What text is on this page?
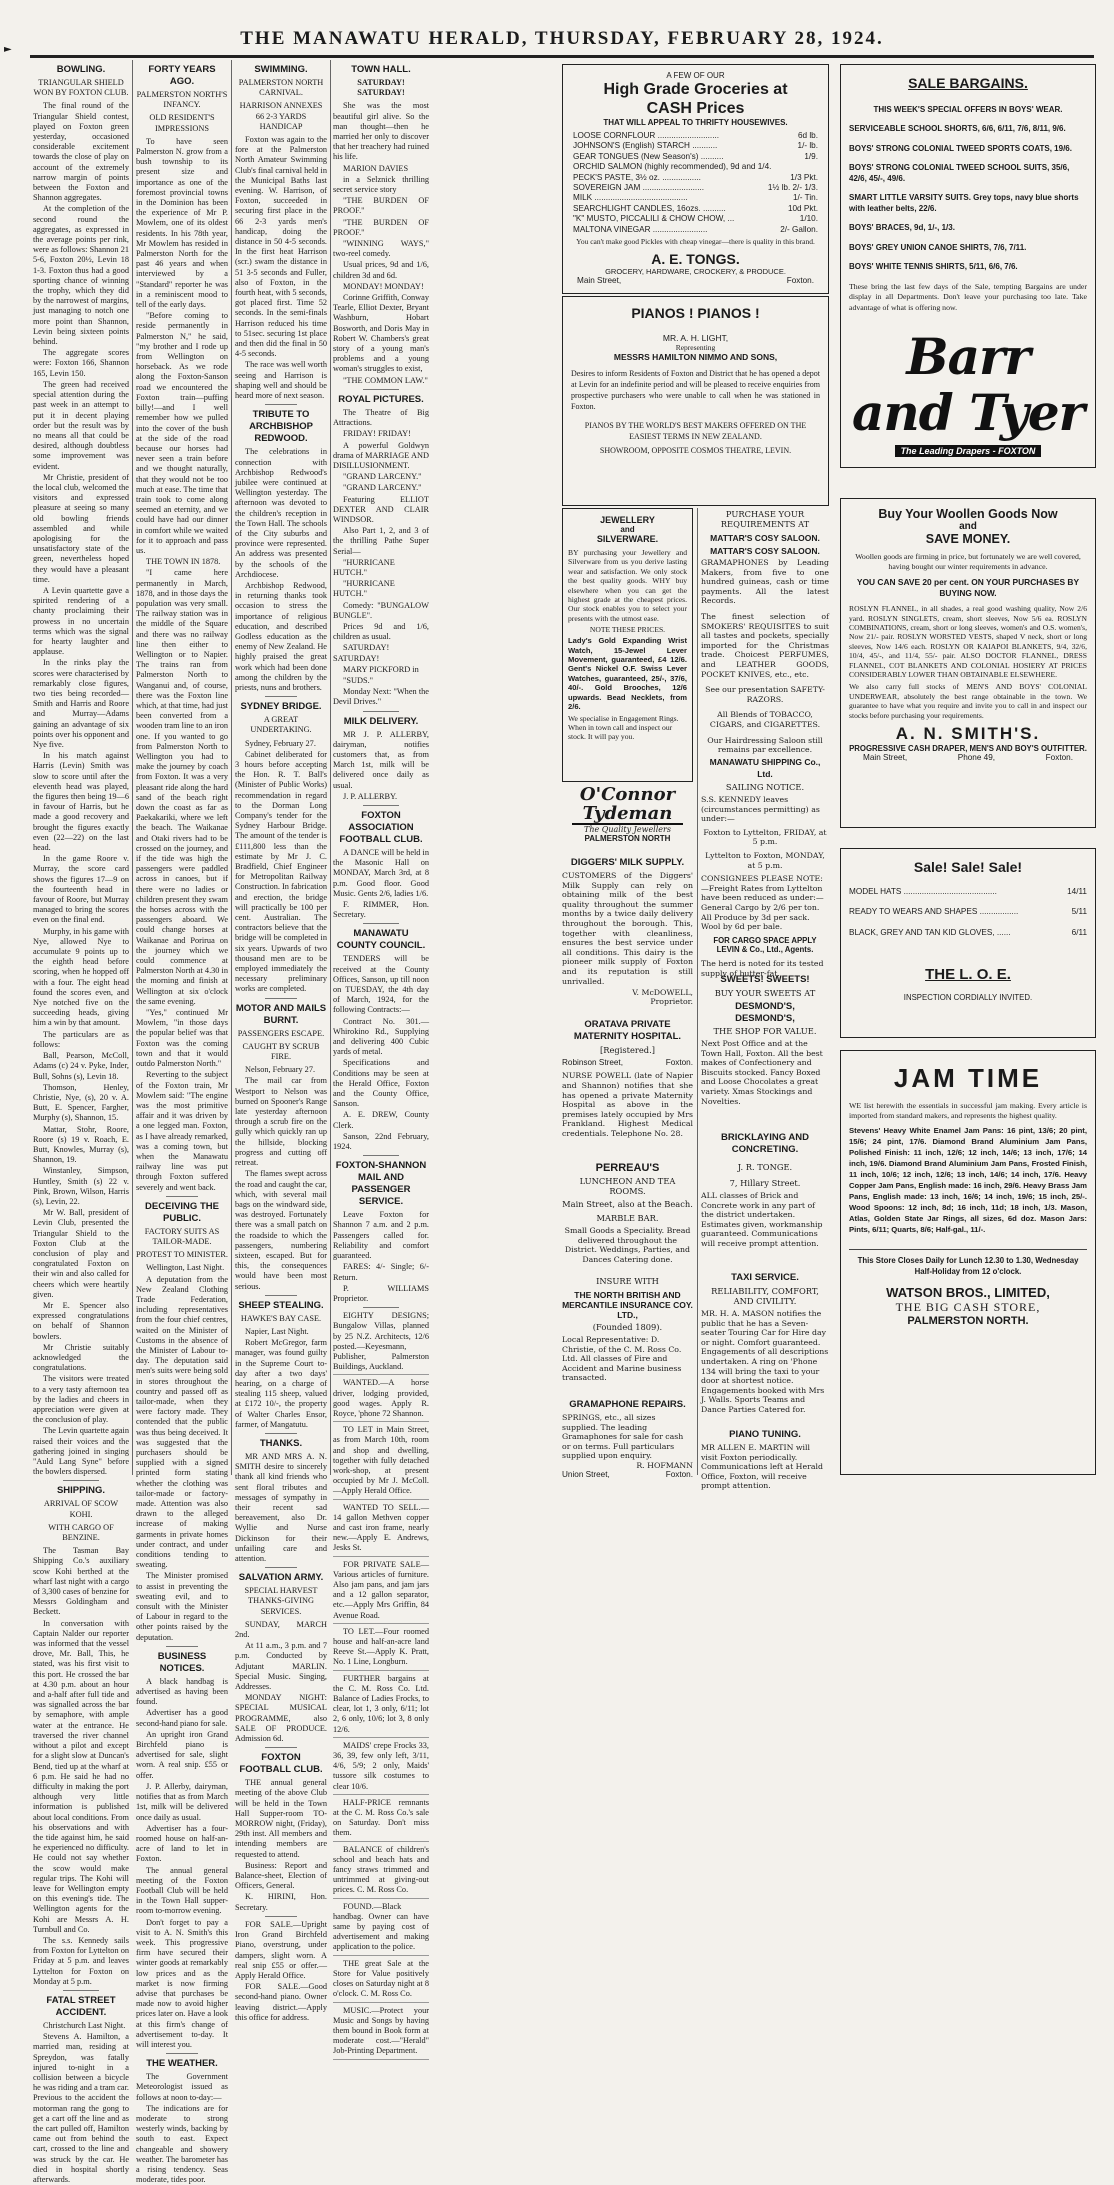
►
THE MANAWATU HERALD, THURSDAY, FEBRUARY 28, 1924.
BOWLING.
TRIANGULAR SHIELD WON BY FOXTON CLUB.
The final round of the Triangular Shield contest, played on Foxton green yesterday, occasioned considerable excitement towards the close of play on account of the extremely narrow margin of points between the Foxton and Shannon aggregates.
At the completion of the second round the aggregates, as expressed in the average points per rink, were as follows: Shannon 21 5-6, Foxton 20½, Levin 18 1-3. Foxton thus had a good sporting chance of winning the trophy, which they did by the narrowest of margins, just managing to notch one more point than Shannon, Levin being sixteen points behind.
The aggregate scores were: Foxton 166, Shannon 165, Levin 150.
The green had received special attention during the past week in an attempt to put it in decent playing order but the result was by no means all that could be desired, although doubtless some improvement was evident.
Mr Christie, president of the local club, welcomed the visitors and expressed pleasure at seeing so many old bowling friends assembled and while apologising for the unsatisfactory state of the green, nevertheless hoped they would have a pleasant time.
A Levin quartette gave a spirited rendering of a chanty proclaiming their prowess in no uncertain terms which was the signal for hearty laughter and applause.
In the rinks play the scores were characterised by remarkably close figures, two ties being recorded—Smith and Harris and Roore and Murray—Adams gaining an advantage of six points over his opponent and Nye five.
In his match against Harris (Levin) Smith was slow to score until after the eleventh head was played, the figures then being 19—6 in favour of Harris, but he made a good recovery and brought the figures exactly even (22—22) on the last head.
In the game Roore v. Murray, the score card shows the figures 17—9 on the fourteenth head in favour of Roore, but Murray managed to bring the scores even on the final end.
Murphy, in his game with Nye, allowed Nye to accumulate 9 points up to the eighth head before scoring, when he hopped off with a four. The eight head found the scores even, and Nye notched five on the succeeding heads, giving him a win by that amount.
The particulars are as follows:
Ball, Pearson, McColl, Adams (c) 24 v. Pyke, Inder, Bull, Sohns (s), Levin 18.
Thomson, Henley, Christie, Nye, (s), 20 v. A. Butt, E. Spencer, Fargher, Murphy (s), Shannon, 15.
Mattar, Stohr, Roore, Roore (s) 19 v. Roach, E. Butt, Knowles, Murray (s), Shannon, 19.
Winstanley, Simpson, Huntley, Smith (s) 22 v. Pink, Brown, Wilson, Harris (s), Levin, 22.
Mr W. Ball, president of Levin Club, presented the Triangular Shield to the Foxton Club at the conclusion of play and congratulated Foxton on their win and also called for cheers which were heartily given.
Mr E. Spencer also expressed congratulations on behalf of Shannon bowlers.
Mr Christie suitably acknowledged the congratulations.
The visitors were treated to a very tasty afternoon tea by the ladies and cheers in appreciation were given at the conclusion of play.
The Levin quartette again raised their voices and the gathering joined in singing "Auld Lang Syne" before the bowlers dispersed.
SHIPPING.
ARRIVAL OF SCOW KOHI.
WITH CARGO OF BENZINE.
The Tasman Bay Shipping Co.'s auxiliary scow Kohi berthed at the wharf last night with a cargo of 3,300 cases of benzine for Messrs Goldingham and Beckett.
In conversation with Captain Nalder our reporter was informed that the vessel drove, Mr. Ball, This, he stated, was his first visit to this port. He crossed the bar at 4.30 p.m. about an hour and a-half after full tide and was signalled across the bar by semaphore, with ample water at the entrance. He traversed the river channel without a pilot and except for a slight slow at Duncan's Bend, tied up at the wharf at 6 p.m. He said he had no difficulty in making the port although very little information is published about local conditions. From his observations and with the tide against him, he said he experienced no difficulty. He could not say whether the scow would make regular trips. The Kohi will leave for Wellington empty on this evening's tide. The Wellington agents for the Kohi are Messrs A. H. Turnbull and Co.
The s.s. Kennedy sails from Foxton for Lyttelton on Friday at 5 p.m. and leaves Lyttelton for Foxton on Monday at 5 p.m.
FATAL STREET ACCIDENT.
Christchurch Last Night.
Stevens A. Hamilton, a married man, residing at Spreydon, was fatally injured to-night in a collision between a bicycle he was riding and a tram car. Previous to the accident the motorman rang the gong to get a cart off the line and as the cart pulled off, Hamilton came out from behind the cart, crossed to the line and was struck by the car. He died in hospital shortly afterwards.
FORTY YEARS AGO.
PALMERSTON NORTH'S INFANCY.
OLD RESIDENT'S IMPRESSIONS
To have seen Palmerston N. grow from a bush township to its present size and importance as one of the foremost provincial towns in the Dominion has been the experience of Mr P. Mowlem, one of its oldest residents. In his 78th year, Mr Mowlem has resided in Palmerston North for the past 46 years and when interviewed by a "Standard" reporter he was in a reminiscent mood to tell of the early days.
"Before coming to reside permanently in Palmerston N," he said, "my brother and I rode up from Wellington on horseback. As we rode along the Foxton-Sanson road we encountered the Foxton train—puffing billy!—and I well remember how we pulled into the cover of the bush at the side of the road because our horses had never seen a train before and we thought naturally, that they would not be too much at ease. The time that train took to come along seemed an eternity, and we could have had our dinner in comfort while we waited for it to approach and pass us.
THE TOWN IN 1878.
"I came here permanently in March, 1878, and in those days the population was very small. The railway station was in the middle of the Square and there was no railway line then either to Wellington or to Napier. The trains ran from Palmerston North to Wanganui and, of course, there was the Foxton line which, at that time, had just been converted from a wooden tram line to an iron one. If you wanted to go from Palmerston North to Wellington you had to make the journey by coach from Foxton. It was a very pleasant ride along the hard sand of the beach right down the coast as far as Paekakariki, where we left the beach. The Waikanae and Otaki rivers had to be crossed on the journey, and if the tide was high the passengers were paddled across in canoes, but if there were no ladies or children present they swam the horses across with the passengers aboard. We could change horses at Waikanae and Porirua on the journey which we could commence at Palmerston North at 4.30 in the morning and finish at Wellington at six o'clock the same evening.
"Yes," continued Mr Mowlem, "in those days the popular belief was that Foxton was the coming town and that it would outdo Palmerston North."
Reverting to the subject of the Foxton train, Mr Mowlem said: "The engine was the most primitive affair and it was driven by a one legged man. Foxton, as I have already remarked, was a coming town, but when the Manawatu railway line was put through Foxton suffered severely and went back.
DECEIVING THE PUBLIC.
FACTORY SUITS AS TAILOR-MADE.
PROTEST TO MINISTER.
Wellington, Last Night.
A deputation from the New Zealand Clothing Trade Federation, including representatives from the four chief centres, waited on the Minister of Customs in the absence of the Minister of Labour to-day. The deputation said men's suits were being sold in stores throughout the country and passed off as tailor-made, when they were factory made. They contended that the public was thus being deceived. It was suggested that the purchasers should be supplied with a signed printed form stating whether the clothing was tailor-made or factory-made. Attention was also drawn to the alleged increase of making garments in private homes under contract, and under conditions tending to sweating.
The Minister promised to assist in preventing the sweating evil, and to consult with the Minister of Labour in regard to the other points raised by the deputation.
BUSINESS NOTICES.
A black handbag is advertised as having been found.
Advertiser has a good second-hand piano for sale.
An upright iron Grand Birchfeld piano is advertised for sale, slight worn. A real snip. £55 or offer.
J. P. Allerby, dairyman, notifies that as from March 1st, milk will be delivered once daily as usual.
Advertiser has a four-roomed house on half-an-acre of land to let in Foxton.
The annual general meeting of the Foxton Football Club will be held in the Town Hall supper-room to-morrow evening.
Don't forget to pay a visit to A. N. Smith's this week. This progressive firm have secured their winter goods at remarkably low prices and as the market is now firming advise that purchases be made now to avoid higher prices later on. Have a look at this firm's change of advertisement to-day. It will interest you.
THE WEATHER.
The Government Meteorologist issued as follows at noon to-day:—
The indications are for moderate to strong westerly winds, backing by south to east. Expect changeable and showery weather. The barometer has a rising tendency. Seas moderate, tides poor.
SWIMMING.
PALMERSTON NORTH CARNIVAL.
HARRISON ANNEXES 66 2-3 YARDS HANDICAP
Foxton was again to the fore at the Palmerston North Amateur Swimming Club's final carnival held in the Municipal Baths last evening. W. Harrison, of Foxton, succeeded in securing first place in the 66 2-3 yards men's handicap, doing the distance in 50 4-5 seconds. In the first heat Harrison (scr.) swam the distance in 51 3-5 seconds and Fuller, also of Foxton, in the fourth heat, with 5 seconds, got placed first. Time 52 seconds. In the semi-finals Harrison reduced his time to 51sec. securing 1st place and then did the final in 50 4-5 seconds.
The race was well worth seeing and Harrison is shaping well and should be heard more of next season.
TRIBUTE TO ARCHBISHOP REDWOOD.
The celebrations in connection with Archbishop Redwood's jubilee were continued at Wellington yesterday. The afternoon was devoted to the children's reception in the Town Hall. The schools of the City suburbs and province were represented. An address was presented by the schools of the Archdiocese.
Archbishop Redwood, in returning thanks took occasion to stress the importance of religious education, and described Godless education as the enemy of New Zealand. He highly praised the great work which had been done among the children by the priests, nuns and brothers.
SYDNEY BRIDGE.
A GREAT UNDERTAKING.
Sydney, February 27.
Cabinet deliberated for 3 hours before accepting the Hon. R. T. Ball's (Minister of Public Works) recommendation in regard to the Dorman Long Company's tender for the Sydney Harbour Bridge. The amount of the tender is £111,800 less than the estimate by Mr J. C. Bradfield, Chief Engineer for Metropolitan Railway Construction. In fabrication and erection, the bridge will practically be 100 per cent. Australian. The contractors believe that the bridge will be completed in six years. Upwards of two thousand men are to be employed immediately the necessary preliminary works are completed.
MOTOR AND MAILS BURNT.
PASSENGERS ESCAPE.
CAUGHT BY SCRUB FIRE.
Nelson, February 27.
The mail car from Westport to Nelson was burned on Spooner's Range late yesterday afternoon through a scrub fire on the gully which quickly ran up the hillside, blocking progress and cutting off retreat.
The flames swept across the road and caught the car, which, with several mail bags on the windward side, was destroyed. Fortunately there was a small patch on the roadside to which the passengers, numbering sixteen, escaped. But for this, the consequences would have been most serious.
SHEEP STEALING.
HAWKE'S BAY CASE.
Napier, Last Night.
Robert McGregor, farm manager, was found guilty in the Supreme Court to-day after a two days' hearing, on a charge of stealing 115 sheep, valued at £172 10/-, the property of Walter Charles Ensor, farmer, of Mangatutu.
THANKS.
MR AND MRS A. N. SMITH desire to sincerely thank all kind friends who sent floral tributes and messages of sympathy in their recent sad bereavement, also Dr. Wyllie and Nurse Dickinson for their unfailing care and attention.
SALVATION ARMY.
SPECIAL HARVEST THANKS-GIVING SERVICES.
SUNDAY, MARCH 2nd.
At 11 a.m., 3 p.m. and 7 p.m. Conducted by Adjutant MARLIN. Special Music. Singing, Addresses.
MONDAY NIGHT: SPECIAL MUSICAL PROGRAMME, also SALE OF PRODUCE. Admission 6d.
FOXTON FOOTBALL CLUB.
THE annual general meeting of the above Club will be held in the Town Hall Supper-room TO-MORROW night, (Friday), 29th inst. All members and intending members are requested to attend.
Business: Report and Balance-sheet, Election of Officers, General.
K. HIRINI, Hon. Secretary.
FOR SALE.—Upright Iron Grand Birchfeld Piano, overstrung, under dampers, slight worn. A real snip £55 or offer.—Apply Herald Office.
FOR SALE.—Good second-hand piano. Owner leaving district.—Apply this office for address.
TOWN HALL.
SATURDAY! SATURDAY!
She was the most beautiful girl alive. So the man thought—then he married her only to discover that her treachery had ruined his life.
MARION DAVIES
in a Selznick thrilling secret service story
"THE BURDEN OF PROOF."
"THE BURDEN OF PROOF."
"WINNING WAYS," two-reel comedy.
Usual prices, 9d and 1/6, children 3d and 6d.
MONDAY! MONDAY!
Corinne Griffith, Conway Tearle, Elliot Dexter, Bryant Washburn, Hobart Bosworth, and Doris May in Robert W. Chambers's great story of a young man's problems and a young woman's struggles to exist,
"THE COMMON LAW."
ROYAL PICTURES.
The Theatre of Big Attractions.
FRIDAY! FRIDAY!
A powerful Goldwyn drama of MARRIAGE AND DISILLUSIONMENT.
"GRAND LARCENY."
"GRAND LARCENY."
Featuring ELLIOT DEXTER AND CLAIR WINDSOR.
Also Part 1, 2, and 3 of the thrilling Pathe Super Serial—
"HURRICANE HUTCH."
"HURRICANE HUTCH."
Comedy: "BUNGALOW BUNGLE".
Prices 9d and 1/6, children as usual.
SATURDAY! SATURDAY!
MARY PICKFORD in
"SUDS."
Monday Next: "When the Devil Drives."
MILK DELIVERY.
MR J. P. ALLERBY, dairyman, notifies customers that, as from March 1st, milk will be delivered once daily as usual.
J. P. ALLERBY.
FOXTON ASSOCIATION FOOTBALL CLUB.
A DANCE will be held in the Masonic Hall on MONDAY, March 3rd, at 8 p.m. Good floor. Good Music. Gents 2/6, ladies 1/6.
F. RIMMER, Hon. Secretary.
MANAWATU COUNTY COUNCIL.
TENDERS will be received at the County Offices, Sanson, up till noon on TUESDAY, the 4th day of March, 1924, for the following Contracts:—
Contract No. 301.—Whirokino Rd., Supplying and delivering 400 Cubic yards of metal.
Specifications and Conditions may be seen at the Herald Office, Foxton and the County Office, Sanson.
A. E. DREW, County Clerk.
Sanson, 22nd February, 1924.
FOXTON-SHANNON MAIL AND PASSENGER SERVICE.
Leave Foxton for Shannon 7 a.m. and 2 p.m. Passengers called for. Reliability and comfort guaranteed.
FARES: 4/- Single; 6/- Return.
P. WILLIAMS Proprietor.
EIGHTY DESIGNS; Bungalow Villas, planned by 25 N.Z. Architects, 12/6 posted.—Keyesmann, Publisher, Palmerston Buildings, Auckland.
WANTED.—A horse driver, lodging provided, good wages. Apply R. Royce, 'phone 72 Shannon.
TO LET in Main Street, as from March 10th, room and shop and dwelling, together with fully detached work-shop, at present occupied by Mr J. McColl.—Apply Herald Office.
WANTED TO SELL.—14 gallon Methven copper and cast iron frame, nearly new.—Apply E. Andrews, Jesks St.
FOR PRIVATE SALE—Various articles of furniture. Also jam pans, and jam jars and a 12 gallon separator, etc.—Apply Mrs Griffin, 84 Avenue Road.
TO LET.—Four roomed house and half-an-acre land Reeve St.—Apply K. Pratt, No. 1 Line, Longburn.
FURTHER bargains at the C. M. Ross Co. Ltd. Balance of Ladies Frocks, to clear, lot 1, 3 only, 6/11; lot 2, 6 only, 10/6; lot 3, 8 only 12/6.
MAIDS' crepe Frocks 33, 36, 39, few only left, 3/11, 4/6, 5/9; 2 only, Maids' tussore silk costumes to clear 10/6.
HALF-PRICE remnants at the C. M. Ross Co.'s sale on Saturday. Don't miss them.
BALANCE of children's school and beach hats and fancy straws trimmed and untrimmed at giving-out prices. C. M. Ross Co.
FOUND.—Black handbag. Owner can have same by paying cost of advertisement and making application to the police.
THE great Sale at the Store for Value positively closes on Saturday night at 8 o'clock. C. M. Ross Co.
MUSIC.—Protect your Music and Songs by having them bound in Book form at moderate cost.—"Herald" Job-Printing Department.
A FEW OF OUR
High Grade Groceries at
CASH Prices
THAT WILL APPEAL TO THRIFTY HOUSEWIVES.
LOOSE CORNFLOUR ...........................	6d lb.
JOHNSON'S (English) STARCH ...........	1/- lb.
GEAR TONGUES (New Season's) ..........	1/9.
ORCHID SALMON (highly recommended), 9d and 1/4.
PECK'S PASTE, 3½ oz. .................	1/3 Pkt.
SOVEREIGN JAM ...........................	1½ lb. 2/- 1/3.
MILK .........................................	1/- Tin.
SEARCHLIGHT CANDLES, 16ozs. ..........	10d Pkt.
"K" MUSTO, PICCALILI & CHOW CHOW, ...	1/10.
MALTONA VINEGAR ........................	2/- Gallon.
You can't make good Pickles with cheap vinegar—there is quality in this brand.
A. E. TONGS.
GROCERY, HARDWARE, CROCKERY, & PRODUCE.
Main Street,	Foxton.
PIANOS ! PIANOS !
MR. A. H. LIGHT,
Representing
MESSRS HAMILTON NIMMO AND SONS,
Desires to inform Residents of Foxton and District that he has opened a depot at Levin for an indefinite period and will be pleased to receive enquiries from prospective purchasers who were unable to call when he was stationed in Foxton.
PIANOS BY THE WORLD'S BEST MAKERS OFFERED ON THE EASIEST TERMS IN NEW ZEALAND.
SHOWROOM, OPPOSITE COSMOS THEATRE, LEVIN.
JEWELLERY
and
SILVERWARE.
BY purchasing your Jewellery and Silverware from us you derive lasting wear and satisfaction. We only stock the best quality goods. WHY buy elsewhere when you can get the highest grade at the cheapest prices. Our stock enables you to select your presents with the utmost ease.
NOTE THESE PRICES.
Lady's Gold Expanding Wrist Watch, 15-Jewel Lever Movement, guaranteed, £4 12/6. Gent's Nickel O.F. Swiss Lever Watches, guaranteed, 25/-, 37/6, 40/-. Gold Brooches, 12/6 upwards. Bead Necklets, from 2/6.
We specialise in Engagement Rings. When in town call and inspect our stock. It will pay you.
O'Connor
Tydeman
The Quality Jewellers
PALMERSTON NORTH
DIGGERS' MILK SUPPLY.
CUSTOMERS of the Diggers' Milk Supply can rely on obtaining milk of the best quality throughout the summer months by a twice daily delivery throughout the borough. This, together with cleanliness, ensures the best service under all conditions. This dairy is the pioneer milk supply of Foxton and its reputation is still unrivalled.
V. McDOWELL,
Proprietor.
ORATAVA PRIVATE MATERNITY HOSPITAL.
[Registered.]
Robinson Street,	Foxton.
NURSE POWELL (late of Napier and Shannon) notifies that she has opened a private Maternity Hospital as above in the premises lately occupied by Mrs Frankland. Highest Medical credentials. Telephone No. 28.
PERREAU'S
LUNCHEON AND TEA ROOMS.
Main Street, also at the Beach.
MARBLE BAR.
Small Goods a Speciality. Bread delivered throughout the District. Weddings, Parties, and Dances Catering done.
INSURE WITH
THE NORTH BRITISH AND MERCANTILE INSURANCE COY. LTD.,
(Founded 1809).
Local Representative: D. Christie, of the C. M. Ross Co. Ltd. All classes of Fire and Accident and Marine business transacted.
GRAMAPHONE REPAIRS.
SPRINGS, etc., all sizes supplied. The leading Gramaphones for sale for cash or on terms. Full particulars supplied upon enquiry.
R. HOFMANN
Union Street,	Foxton.
PURCHASE YOUR REQUIREMENTS AT
MATTAR'S COSY SALOON.
MATTAR'S COSY SALOON.
GRAMAPHONES by Leading Makers, from five to one hundred guineas, cash or time payments. All the latest Records.
The finest selection of SMOKERS' REQUISITES to suit all tastes and pockets, specially imported for the Christmas trade. Choicest PERFUMES, and LEATHER GOODS, POCKET KNIVES, etc., etc.
See our presentation SAFETY-RAZORS.
All Blends of TOBACCO, CIGARS, and CIGARETTES.
Our Hairdressing Saloon still remains par excellence.
MANAWATU SHIPPING Co., Ltd.
SAILING NOTICE.
S.S. KENNEDY leaves (circumstances permitting) as under:—
Foxton to Lyttelton, FRIDAY, at 5 p.m.
Lyttelton to Foxton, MONDAY, at 5 p.m.
CONSIGNEES PLEASE NOTE:—Freight Rates from Lyttelton have been reduced as under:—General Cargo by 2/6 per ton. All Produce by 3d per sack. Wool by 6d per bale.
FOR CARGO SPACE APPLY LEVIN & Co., Ltd., Agents.
The herd is noted for its tested supply of butter-fat.
SWEETS! SWEETS!
BUY YOUR SWEETS AT
DESMOND'S,
DESMOND'S,
THE SHOP FOR VALUE.
Next Post Office and at the Town Hall, Foxton. All the best makes of Confectionery and Biscuits stocked. Fancy Boxed and Loose Chocolates a great variety. Xmas Stockings and Novelties.
BRICKLAYING AND CONCRETING.
J. R. TONGE.
7, Hillary Street.
ALL classes of Brick and Concrete work in any part of the district undertaken. Estimates given, workmanship guaranteed. Communications will receive prompt attention.
TAXI SERVICE.
RELIABILITY, COMFORT, AND CIVILITY.
MR. H. A. MASON notifies the public that he has a Seven-seater Touring Car for Hire day or night. Comfort guaranteed. Engagements of all descriptions undertaken. A ring on 'Phone 134 will bring the taxi to your door at shortest notice. Engagements booked with Mrs J. Walls. Sports Teams and Dance Parties Catered for.
PIANO TUNING.
MR ALLEN E. MARTIN will visit Foxton periodically. Communications left at Herald Office, Foxton, will receive prompt attention.
SALE BARGAINS.
THIS WEEK'S SPECIAL OFFERS IN BOYS' WEAR.
SERVICEABLE SCHOOL SHORTS, 6/6, 6/11, 7/6, 8/11, 9/6.
BOYS' STRONG COLONIAL TWEED SPORTS COATS, 19/6.
BOYS' STRONG COLONIAL TWEED SCHOOL SUITS, 35/6, 42/6, 45/-, 49/6.
SMART LITTLE VARSITY SUITS. Grey tops, navy blue shorts with leather belts, 22/6.
BOYS' BRACES, 9d, 1/-, 1/3.
BOYS' GREY UNION CANOE SHIRTS, 7/6, 7/11.
BOYS' WHITE TENNIS SHIRTS, 5/11, 6/6, 7/6.
These bring the last few days of the Sale, tempting Bargains are under display in all Departments. Don't leave your purchasing too late. Take advantage of what is offering now.
Barr and Tyer
The Leading Drapers - FOXTON
Buy Your Woollen Goods Now
and
SAVE MONEY.
Woollen goods are firming in price, but fortunately we are well covered, having bought our winter requirements in advance.
YOU CAN SAVE 20 per cent. ON YOUR PURCHASES BY BUYING NOW.
ROSLYN FLANNEL, in all shades, a real good washing quality, Now 2/6 yard. ROSLYN SINGLETS, cream, short sleeves, Now 5/6 ea. ROSLYN COMBINATIONS, cream, short or long sleeves, women's and O.S. women's, Now 21/- pair. ROSLYN WORSTED VESTS, shaped V neck, short or long sleeves, Now 14/6 each. ROSLYN OR KAIAPOI BLANKETS, 9/4, 32/6, 10/4, 45/-, and 11/4, 55/- pair. ALSO DOCTOR FLANNEL, DRESS FLANNEL, COT BLANKETS AND COLONIAL HOSIERY AT PRICES CONSIDERABLY LOWER THAN OBTAINABLE ELSEWHERE.
We also carry full stocks of MEN'S AND BOYS' COLONIAL UNDERWEAR, absolutely the best range obtainable in the town. We guarantee to have what you require and invite you to call in and inspect our stocks before purchasing your requirements.
A. N. SMITH'S.
PROGRESSIVE CASH DRAPER, MEN'S AND BOY'S OUTFITTER.
Main Street,	Phone 49,	Foxton.
Sale! Sale! Sale!
MODEL HATS .........................................	14/11
READY TO WEARS AND SHAPES .................	5/11
BLACK, GREY AND TAN KID GLOVES, ......	6/11
THE L. O. E.
INSPECTION CORDIALLY INVITED.
JAM TIME
WE list herewith the essentials in successful jam making. Every article is imported from standard makers, and represents the highest quality.
Stevens' Heavy White Enamel Jam Pans: 16 pint, 13/6; 20 pint, 15/6; 24 pint, 17/6. Diamond Brand Aluminium Jam Pans, Polished Finish: 11 inch, 12/6; 12 inch, 14/6; 13 inch, 17/6; 14 inch, 19/6. Diamond Brand Aluminium Jam Pans, Frosted Finish, 11 inch, 10/6; 12 inch, 12/6; 13 inch, 14/6; 14 inch, 17/6. Heavy Copper Jam Pans, English made: 16 inch, 29/6. Heavy Brass Jam Pans, English made: 13 inch, 16/6; 14 inch, 19/6; 15 inch, 25/-. Wood Spoons: 12 inch, 8d; 16 inch, 11d; 18 inch, 1/3. Mason, Atlas, Golden State Jar Rings, all sizes, 6d doz. Mason Jars: Pints, 6/11; Quarts, 8/6; Half-gal., 11/-.
This Store Closes Daily for Lunch 12.30 to 1.30, Wednesday Half-Holiday from 12 o'clock.
WATSON BROS., LIMITED,
THE BIG CASH STORE,
PALMERSTON NORTH.
